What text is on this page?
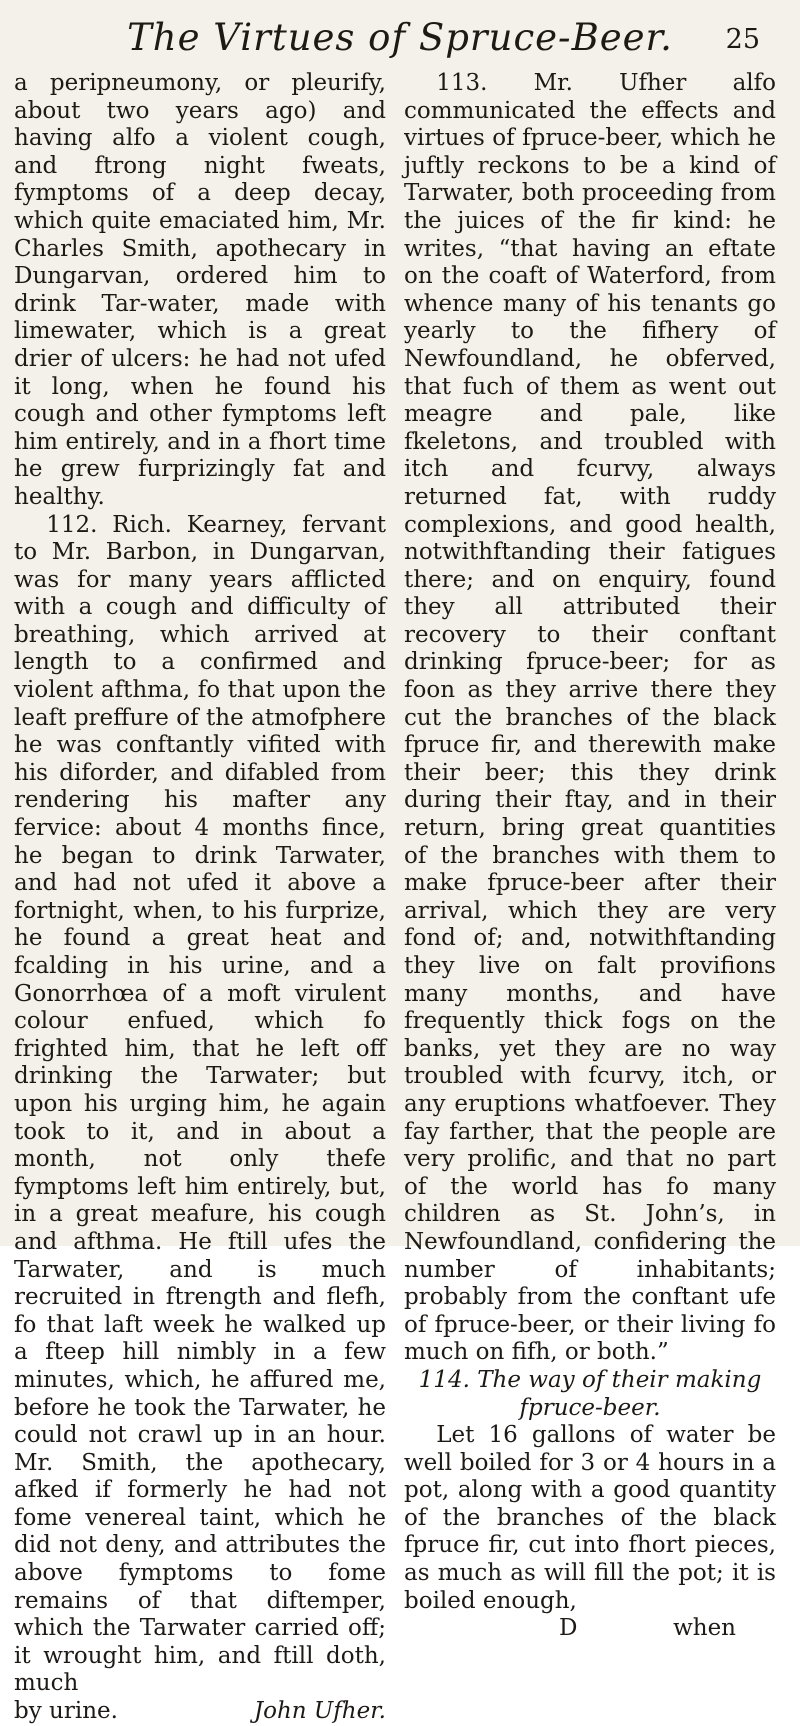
The Virtues of Spruce-Beer.	25

a peripneumony, or pleurify, about two years ago) and having alfo a violent cough, and ftrong night fweats, fymptoms of a deep decay, which quite emaciated him, Mr. Charles Smith, apothecary in Dungarvan, ordered him to drink Tar-water, made with limewater, which is a great drier of ulcers: he had not ufed it long, when he found his cough and other fymptoms left him entirely, and in a fhort time he grew furprizingly fat and healthy.

112. Rich. Kearney, fervant to Mr. Barbon, in Dungarvan, was for many years afflicted with a cough and difficulty of breathing, which arrived at length to a confirmed and violent afthma, fo that upon the leaft preffure of the atmofphere he was conftantly vifited with his diforder, and difabled from rendering his mafter any fervice: about 4 months fince, he began to drink Tarwater, and had not ufed it above a fortnight, when, to his furprize, he found a great heat and fcalding in his urine, and a Gonorrhœa of a moft virulent colour enfued, which fo frighted him, that he left off drinking the Tarwater; but upon his urging him, he again took to it, and in about a month, not only thefe fymptoms left him entirely, but, in a great meafure, his cough and afthma. He ftill ufes the Tarwater, and is much recruited in ftrength and flefh, fo that laft week he walked up a fteep hill nimbly in a few minutes, which, he affured me, before he took the Tarwater, he could not crawl up in an hour. Mr. Smith, the apothecary, afked if formerly he had not fome venereal taint, which he did not deny, and attributes the above fymptoms to fome remains of that diftemper, which the Tarwater carried off; it wrought him, and ftill doth, much

by urine.	John Ufher.

113. Mr. Ufher alfo communicated the effects and virtues of fpruce-beer, which he juftly reckons to be a kind of Tarwater, both proceeding from the juices of the fir kind: he writes, “that having an eftate on the coaft of Waterford, from whence many of his tenants go yearly to the fifhery of Newfoundland, he obferved, that fuch of them as went out meagre and pale, like fkeletons, and troubled with itch and fcurvy, always returned fat, with ruddy complexions, and good health, notwithftanding their fatigues there; and on enquiry, found they all attributed their recovery to their conftant drinking fpruce-beer; for as foon as they arrive there they cut the branches of the black fpruce fir, and therewith make their beer; this they drink during their ftay, and in their return, bring great quantities of the branches with them to make fpruce-beer after their arrival, which they are very fond of; and, notwithftanding they live on falt provifions many months, and have frequently thick fogs on the banks, yet they are no way troubled with fcurvy, itch, or any eruptions whatfoever. They fay farther, that the people are very prolific, and that no part of the world has fo many children as St. John’s, in Newfoundland, confidering the number of inhabitants; probably from the conftant ufe of fpruce-beer, or their living fo much on fifh, or both.”

114. The way of their making fpruce-beer.

Let 16 gallons of water be well boiled for 3 or 4 hours in a pot, along with a good quantity of the branches of the black fpruce fir, cut into fhort pieces, as much as will fill the pot; it is boiled enough,

D	when
